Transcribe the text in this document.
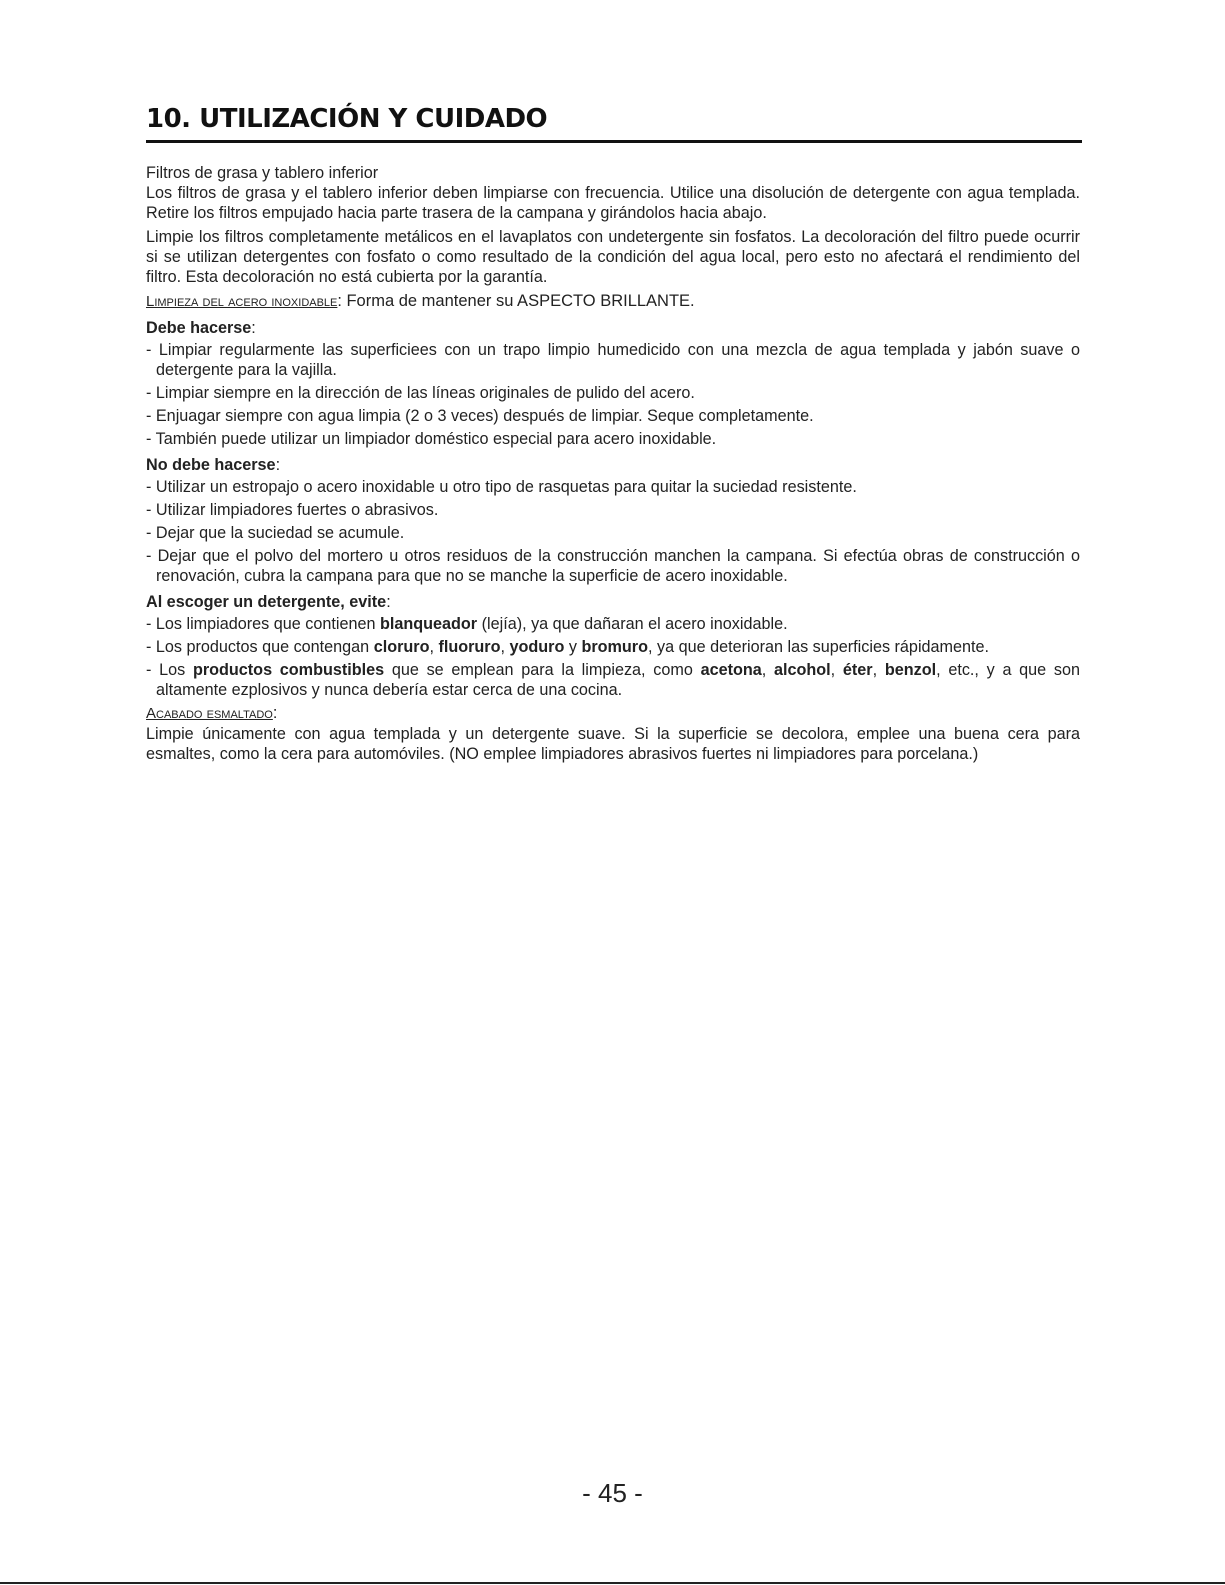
10. UTILIZACIÓN Y CUIDADO

Filtros de grasa y tablero inferior

Los filtros de grasa y el tablero inferior deben limpiarse con frecuencia. Utilice una disolución de detergente con agua templada. Retire los filtros empujado hacia parte trasera de la campana y girándolos hacia abajo.

Limpie los filtros completamente metálicos en el lavaplatos con undetergente sin fosfatos. La decoloración del filtro puede ocurrir si se utilizan detergentes con fosfato o como resultado de la condición del agua local, pero esto no afectará el rendimiento del filtro. Esta decoloración no está cubierta por la garantía.

Limpieza del acero inoxidable: Forma de mantener su ASPECTO BRILLANTE.

Debe hacerse:

- Limpiar regularmente las superficiees con un trapo limpio humedicido con una mezcla de agua templada y jabón suave o detergente para la vajilla.
- Limpiar siempre en la dirección de las líneas originales de pulido del acero.
- Enjuagar siempre con agua limpia (2 o 3 veces) después de limpiar. Seque completamente.
- También puede utilizar un limpiador doméstico especial para acero inoxidable.

No debe hacerse:

- Utilizar un estropajo o acero inoxidable u otro tipo de rasquetas para quitar la suciedad resistente.
- Utilizar limpiadores fuertes o abrasivos.
- Dejar que la suciedad se acumule.
- Dejar que el polvo del mortero u otros residuos de la construcción manchen la campana. Si efectúa obras de construcción o renovación, cubra la campana para que no se manche la superficie de acero inoxidable.

Al escoger un detergente, evite:

- Los limpiadores que contienen blanqueador (lejía), ya que dañaran el acero inoxidable.
- Los productos que contengan cloruro, fluoruro, yoduro y bromuro, ya que deterioran las superficies rápidamente.
- Los productos combustibles que se emplean para la limpieza, como acetona, alcohol, éter, benzol, etc., y a que son altamente ezplosivos y nunca debería estar cerca de una cocina.

Acabado esmaltado:

Limpie únicamente con agua templada y un detergente suave. Si la superficie se decolora, emplee una buena cera para esmaltes, como la cera para automóviles. (NO emplee limpiadores abrasivos fuertes ni limpiadores para porcelana.)

- 45 -
